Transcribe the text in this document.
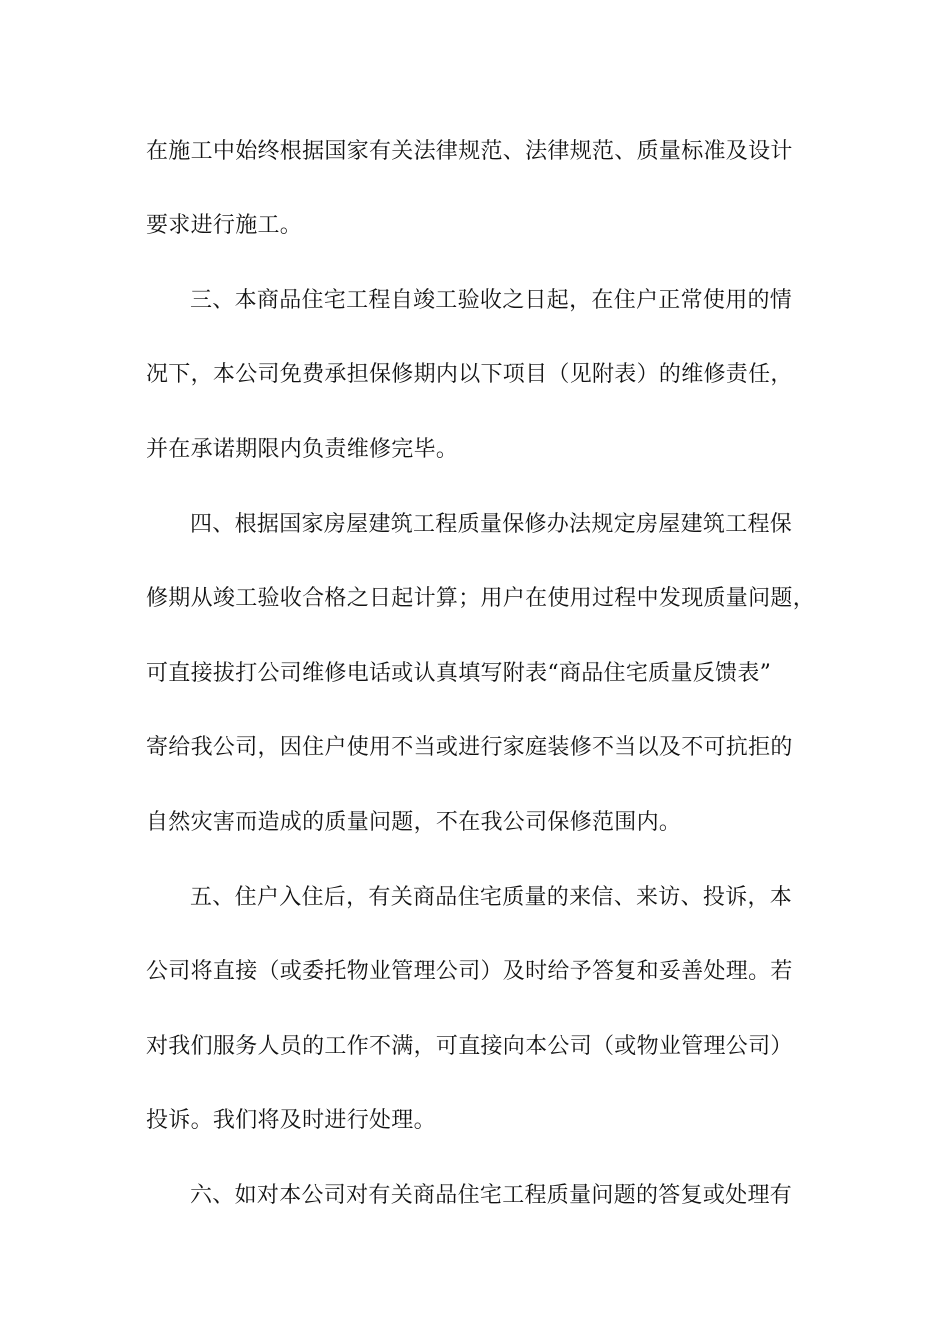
在施工中始终根据国家有关法律规范、法律规范、质量标准及设计
要求进行施工。
三、本商品住宅工程自竣工验收之日起，在住户正常使用的情
况下，本公司免费承担保修期内以下项目（见附表）的维修责任，
并在承诺期限内负责维修完毕。
四、根据国家房屋建筑工程质量保修办法规定房屋建筑工程保
修期从竣工验收合格之日起计算；用户在使用过程中发现质量问题，
可直接拔打公司维修电话或认真填写附表“商品住宅质量反馈表”
寄给我公司，因住户使用不当或进行家庭装修不当以及不可抗拒的
自然灾害而造成的质量问题，不在我公司保修范围内。
五、住户入住后，有关商品住宅质量的来信、来访、投诉，本
公司将直接（或委托物业管理公司）及时给予答复和妥善处理。若
对我们服务人员的工作不满，可直接向本公司（或物业管理公司）
投诉。我们将及时进行处理。
六、如对本公司对有关商品住宅工程质量问题的答复或处理有
